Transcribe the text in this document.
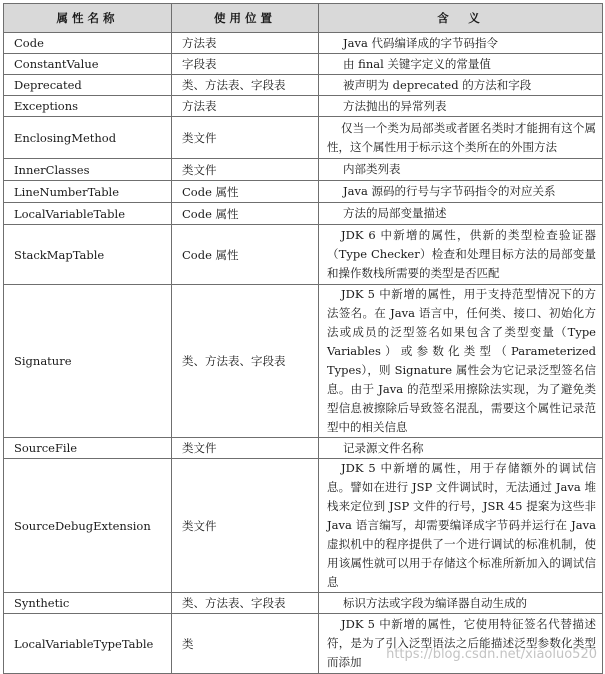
属性名称	使用位置	含　义
Code	方法表	Java 代码编译成的字节码指令
ConstantValue	字段表	由 final 关键字定义的常量值
Deprecated	类、方法表、字段表	被声明为 deprecated 的方法和字段
Exceptions	方法表	方法抛出的异常列表
EnclosingMethod	类文件	仅当一个类为局部类或者匿名类时才能拥有这个属性，这个属性用于标示这个类所在的外围方法
InnerClasses	类文件	内部类列表
LineNumberTable	Code 属性	Java 源码的行号与字节码指令的对应关系
LocalVariableTable	Code 属性	方法的局部变量描述
StackMapTable	Code 属性	JDK 6 中新增的属性，供新的类型检查验证器（Type Checker）检查和处理目标方法的局部变量和操作数栈所需要的类型是否匹配
Signature	类、方法表、字段表	JDK 5 中新增的属性，用于支持范型情况下的方法签名。在 Java 语言中，任何类、接口、初始化方法或成员的泛型签名如果包含了类型变量（Type Variables）或参数化类型（Parameterized Types），则 Signature 属性会为它记录泛型签名信息。由于 Java 的范型采用擦除法实现，为了避免类型信息被擦除后导致签名混乱，需要这个属性记录范型中的相关信息
SourceFile	类文件	记录源文件名称
SourceDebugExtension	类文件	JDK 5 中新增的属性，用于存储额外的调试信息。譬如在进行 JSP 文件调试时，无法通过 Java 堆栈来定位到 JSP 文件的行号，JSR 45 提案为这些非 Java 语言编写，却需要编译成字节码并运行在 Java 虚拟机中的程序提供了一个进行调试的标准机制，使用该属性就可以用于存储这个标准所新加入的调试信息
Synthetic	类、方法表、字段表	标识方法或字段为编译器自动生成的
LocalVariableTypeTable	类	JDK 5 中新增的属性，它使用特征签名代替描述符，是为了引入泛型语法之后能描述泛型参数化类型而添加 https://blog.csdn.net/xiaoluo520
